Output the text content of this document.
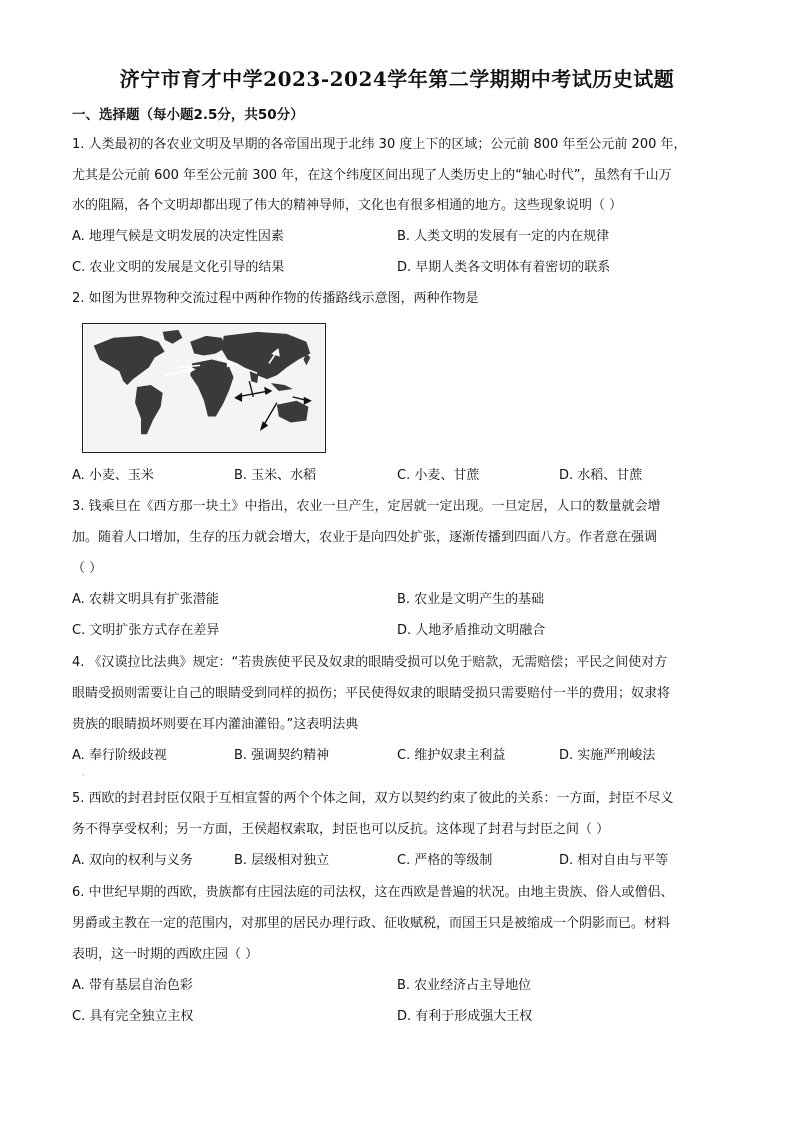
济宁市育才中学2023-2024学年第二学期期中考试历史试题
一、选择题（每小题2.5分，共50分）
1. 人类最初的各农业文明及早期的各帝国出现于北纬 30 度上下的区域；公元前 800 年至公元前 200 年，
尤其是公元前 600 年至公元前 300 年，在这个纬度区间出现了人类历史上的“轴心时代”，虽然有千山万
水的阻隔，各个文明却都出现了伟大的精神导师，文化也有很多相通的地方。这些现象说明（ ）
A. 地理气候是文明发展的决定性因素	B. 人类文明的发展有一定的内在规律
C. 农业文明的发展是文化引导的结果	D. 早期人类各文明体有着密切的联系
2. 如图为世界物种交流过程中两种作物的传播路线示意图，两种作物是
A. 小麦、玉米	B. 玉米、水稻	C. 小麦、甘蔗	D. 水稻、甘蔗
3. 钱乘旦在《西方那一块土》中指出，农业一旦产生，定居就一定出现。一旦定居，人口的数量就会增
加。随着人口增加，生存的压力就会增大，农业于是向四处扩张，逐渐传播到四面八方。作者意在强调
（ ）
A. 农耕文明具有扩张潜能	B. 农业是文明产生的基础
C. 文明扩张方式存在差异	D. 人地矛盾推动文明融合
4. 《汉谟拉比法典》规定：“若贵族使平民及奴隶的眼睛受损可以免于赔款，无需赔偿；平民之间使对方
眼睛受损则需要让自己的眼睛受到同样的损伤；平民使得奴隶的眼睛受损只需要赔付一半的费用；奴隶将
贵族的眼睛损坏则要在耳内灌油灌铅。”这表明法典
A. 奉行阶级歧视	B. 强调契约精神	C. 维护奴隶主利益	D. 实施严刑峻法
·
5. 西欧的封君封臣仅限于互相宣誓的两个个体之间，双方以契约约束了彼此的关系：一方面，封臣不尽义
务不得享受权利；另一方面，王侯超权索取，封臣也可以反抗。这体现了封君与封臣之间（ ）
A. 双向的权利与义务	B. 层级相对独立	C. 严格的等级制	D. 相对自由与平等
6. 中世纪早期的西欧，贵族都有庄园法庭的司法权，这在西欧是普遍的状况。由地主贵族、俗人或僧侣、
男爵或主教在一定的范围内，对那里的居民办理行政、征收赋税，而国王只是被缩成一个阴影而已。材料
表明，这一时期的西欧庄园（ ）
A. 带有基层自治色彩	B. 农业经济占主导地位
C. 具有完全独立主权	D. 有利于形成强大王权
